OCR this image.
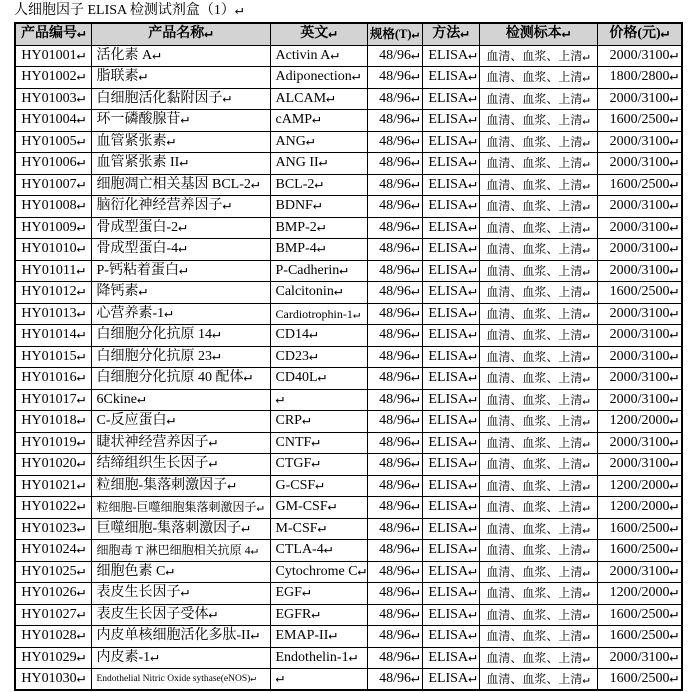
人细胞因子 ELISA 检测试剂盒（1）↵
产品编号↵	产品名称↵	英文↵	规格(T)↵	方法↵	检测标本↵	价格(元)↵
HY01001↵	活化素 A↵	Activin A↵	48/96↵	ELISA↵	血清、血浆、上清↵	2000/3100↵
HY01002↵	脂联素↵	Adiponection↵	48/96↵	ELISA↵	血清、血浆、上清↵	1800/2800↵
HY01003↵	白细胞活化黏附因子↵	ALCAM↵	48/96↵	ELISA↵	血清、血浆、上清↵	2000/3100↵
HY01004↵	环一磷酸腺苷↵	cAMP↵	48/96↵	ELISA↵	血清、血浆、上清↵	1600/2500↵
HY01005↵	血管紧张素↵	ANG↵	48/96↵	ELISA↵	血清、血浆、上清↵	2000/3100↵
HY01006↵	血管紧张素 II↵	ANG II↵	48/96↵	ELISA↵	血清、血浆、上清↵	2000/3100↵
HY01007↵	细胞凋亡相关基因 BCL-2↵	BCL-2↵	48/96↵	ELISA↵	血清、血浆、上清↵	1600/2500↵
HY01008↵	脑衍化神经营养因子↵	BDNF↵	48/96↵	ELISA↵	血清、血浆、上清↵	2000/3100↵
HY01009↵	骨成型蛋白-2↵	BMP-2↵	48/96↵	ELISA↵	血清、血浆、上清↵	2000/3100↵
HY01010↵	骨成型蛋白-4↵	BMP-4↵	48/96↵	ELISA↵	血清、血浆、上清↵	2000/3100↵
HY01011↵	P-钙粘着蛋白↵	P-Cadherin↵	48/96↵	ELISA↵	血清、血浆、上清↵	2000/3100↵
HY01012↵	降钙素↵	Calcitonin↵	48/96↵	ELISA↵	血清、血浆、上清↵	1600/2500↵
HY01013↵	心营养素-1↵	Cardiotrophin-1↵	48/96↵	ELISA↵	血清、血浆、上清↵	2000/3100↵
HY01014↵	白细胞分化抗原 14↵	CD14↵	48/96↵	ELISA↵	血清、血浆、上清↵	2000/3100↵
HY01015↵	白细胞分化抗原 23↵	CD23↵	48/96↵	ELISA↵	血清、血浆、上清↵	2000/3100↵
HY01016↵	白细胞分化抗原 40 配体↵	CD40L↵	48/96↵	ELISA↵	血清、血浆、上清↵	2000/3100↵
HY01017↵	6Ckine↵	↵	48/96↵	ELISA↵	血清、血浆、上清↵	2000/3100↵
HY01018↵	C-反应蛋白↵	CRP↵	48/96↵	ELISA↵	血清、血浆、上清↵	1200/2000↵
HY01019↵	睫状神经营养因子↵	CNTF↵	48/96↵	ELISA↵	血清、血浆、上清↵	2000/3100↵
HY01020↵	结缔组织生长因子↵	CTGF↵	48/96↵	ELISA↵	血清、血浆、上清↵	2000/3100↵
HY01021↵	粒细胞-集落刺激因子↵	G-CSF↵	48/96↵	ELISA↵	血清、血浆、上清↵	1200/2000↵
HY01022↵	粒细胞-巨噬细胞集落刺激因子↵	GM-CSF↵	48/96↵	ELISA↵	血清、血浆、上清↵	1200/2000↵
HY01023↵	巨噬细胞-集落刺激因子↵	M-CSF↵	48/96↵	ELISA↵	血清、血浆、上清↵	1600/2500↵
HY01024↵	细胞毒 T 淋巴细胞相关抗原 4↵	CTLA-4↵	48/96↵	ELISA↵	血清、血浆、上清↵	1600/2500↵
HY01025↵	细胞色素 C↵	Cytochrome C↵	48/96↵	ELISA↵	血清、血浆、上清↵	2000/3100↵
HY01026↵	表皮生长因子↵	EGF↵	48/96↵	ELISA↵	血清、血浆、上清↵	1200/2000↵
HY01027↵	表皮生长因子受体↵	EGFR↵	48/96↵	ELISA↵	血清、血浆、上清↵	1600/2500↵
HY01028↵	内皮单核细胞活化多肽-II↵	EMAP-II↵	48/96↵	ELISA↵	血清、血浆、上清↵	1600/2500↵
HY01029↵	内皮素-1↵	Endothelin-1↵	48/96↵	ELISA↵	血清、血浆、上清↵	2000/3100↵
HY01030↵	Endothelial Nitric Oxide sythase(eNOS)↵	↵	48/96↵	ELISA↵	血清、血浆、上清↵	1600/2500↵
